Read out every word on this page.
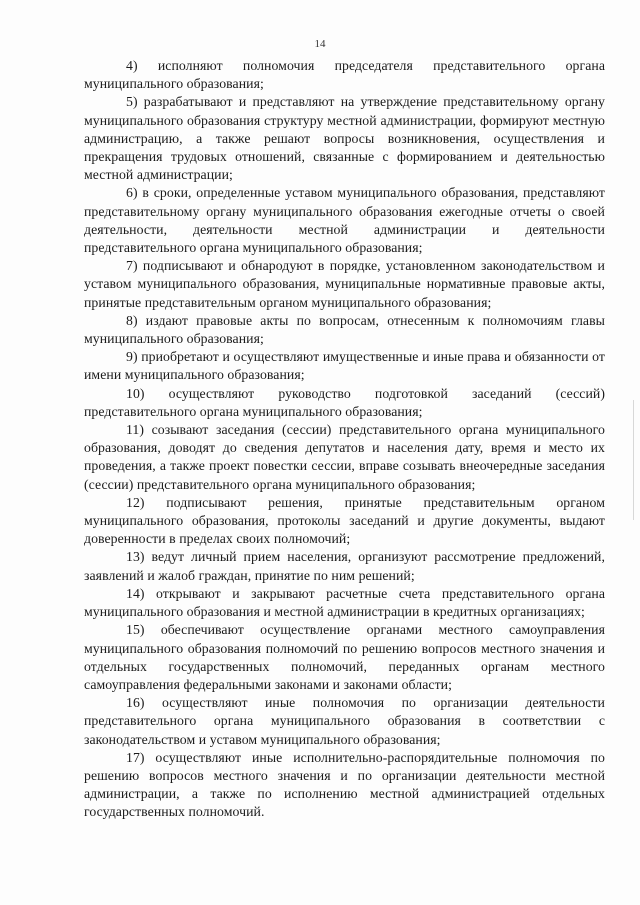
14

4) исполняют полномочия председателя представительного органа муниципального образования;

5) разрабатывают и представляют на утверждение представительному органу муниципального образования структуру местной администрации, формируют местную администрацию, а также решают вопросы возникновения, осуществления и прекращения трудовых отношений, связанные с формированием и деятельностью местной администрации;

6) в сроки, определенные уставом муниципального образования, представляют представительному органу муниципального образования ежегодные отчеты о своей деятельности, деятельности местной администрации и деятельности представительного органа муниципального образования;

7) подписывают и обнародуют в порядке, установленном законодательством и уставом муниципального образования, муниципальные нормативные правовые акты, принятые представительным органом муниципального образования;

8) издают правовые акты по вопросам, отнесенным к полномочиям главы муниципального образования;

9) приобретают и осуществляют имущественные и иные права и обязанности от имени муниципального образования;

10) осуществляют руководство подготовкой заседаний (сессий) представительного органа муниципального образования;

11) созывают заседания (сессии) представительного органа муниципального образования, доводят до сведения депутатов и населения дату, время и место их проведения, а также проект повестки сессии, вправе созывать внеочередные заседания (сессии) представительного органа муниципального образования;

12) подписывают решения, принятые представительным органом муниципального образования, протоколы заседаний и другие документы, выдают доверенности в пределах своих полномочий;

13) ведут личный прием населения, организуют рассмотрение предложений, заявлений и жалоб граждан, принятие по ним решений;

14) открывают и закрывают расчетные счета представительного органа муниципального образования и местной администрации в кредитных организациях;

15) обеспечивают осуществление органами местного самоуправления муниципального образования полномочий по решению вопросов местного значения и отдельных государственных полномочий, переданных органам местного самоуправления федеральными законами и законами области;

16) осуществляют иные полномочия по организации деятельности представительного органа муниципального образования в соответствии с законодательством и уставом муниципального образования;

17) осуществляют иные исполнительно-распорядительные полномочия по решению вопросов местного значения и по организации деятельности местной администрации, а также по исполнению местной администрацией отдельных государственных полномочий.
